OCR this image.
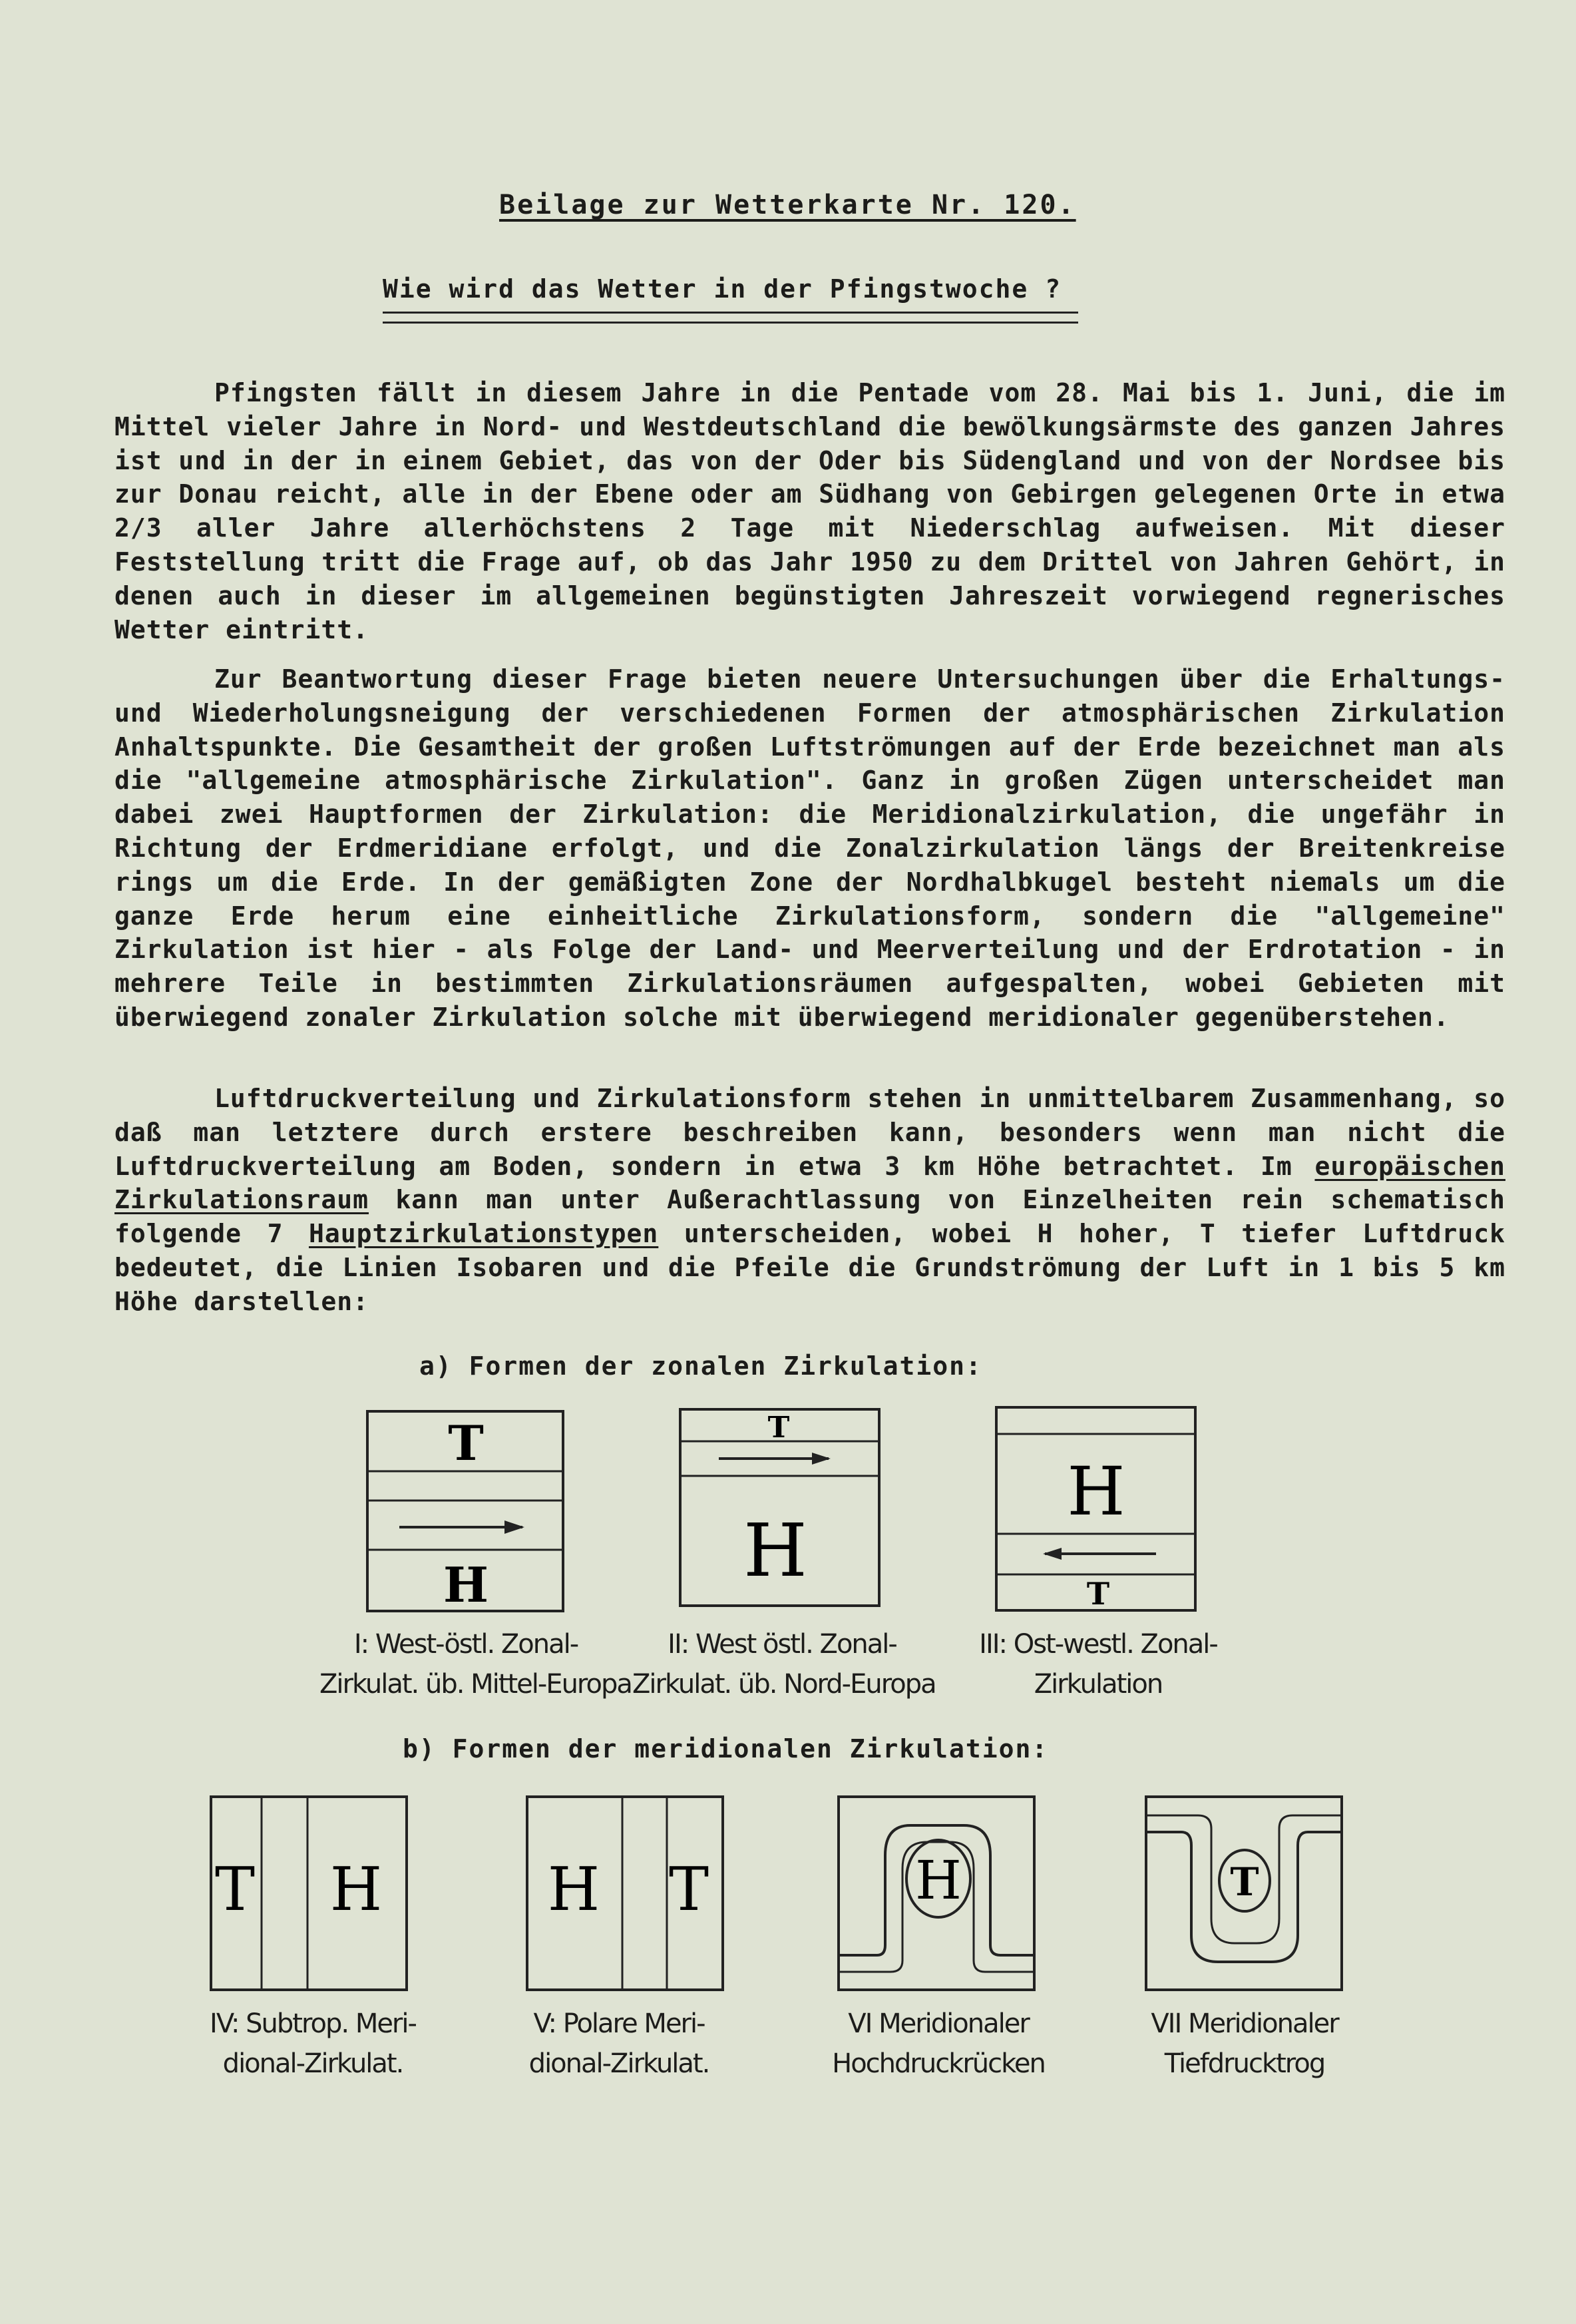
Beilage zur Wetterkarte Nr. 120.
Wie wird das Wetter in der Pfingstwoche ?

Pfingsten fällt in diesem Jahre in die Pentade vom 28. Mai bis 1. Juni, die im Mittel vieler Jahre in Nord- und Westdeutschland die bewölkungsärmste des ganzen Jahres ist und in der in einem Gebiet, das von der Oder bis Südengland und von der Nordsee bis zur Donau reicht, alle in der Ebene oder am Südhang von Gebirgen gelegenen Orte in etwa 2/3 aller Jahre allerhöchstens 2 Tage mit Niederschlag aufweisen. Mit dieser Feststellung tritt die Frage auf, ob das Jahr 1950 zu dem Drittel von Jahren Gehört, in denen auch in dieser im allgemeinen begünstigten Jahreszeit vorwiegend regnerisches Wetter eintritt.

Zur Beantwortung dieser Frage bieten neuere Untersuchungen über die Erhaltungs- und Wiederholungsneigung der verschiedenen Formen der atmosphärischen Zirkulation Anhaltspunkte. Die Gesamtheit der großen Luftströmungen auf der Erde bezeichnet man als die "allgemeine atmosphärische Zirkulation". Ganz in großen Zügen unterscheidet man dabei zwei Hauptformen der Zirkulation: die Meridionalzirkulation, die ungefähr in Richtung der Erdmeridiane erfolgt, und die Zonalzirkulation längs der Breitenkreise rings um die Erde. In der gemäßigten Zone der Nordhalbkugel besteht niemals um die ganze Erde herum eine einheitliche Zirkulationsform, sondern die "allgemeine" Zirkulation ist hier - als Folge der Land- und Meerverteilung und der Erdrotation - in mehrere Teile in bestimmten Zirkulationsräumen aufgespalten, wobei Gebieten mit überwiegend zonaler Zirkulation solche mit überwiegend meridionaler gegenüberstehen.

Luftdruckverteilung und Zirkulationsform stehen in unmittelbarem Zusammenhang, so daß man letztere durch erstere beschreiben kann, besonders wenn man nicht die Luftdruckverteilung am Boden, sondern in etwa 3 km Höhe betrachtet. Im europäischen Zirkulationsraum kann man unter Außerachtlassung von Einzelheiten rein schematisch folgende 7 Hauptzirkulationstypen unterscheiden, wobei H hoher, T tiefer Luftdruck bedeutet, die Linien Isobaren und die Pfeile die Grundströmung der Luft in 1 bis 5 km Höhe darstellen:

a) Formen der zonalen Zirkulation:
T
H
I: West-östl. Zonal-
Zirkulat. üb. Mittel-Europa
T
H
II: West östl. Zonal-
Zirkulat. üb. Nord-Europa
H
T
III: Ost-westl. Zonal-
Zirkulation
b) Formen der meridionalen Zirkulation:
T H
IV: Subtrop. Meri-
dional-Zirkulat.
H T
V: Polare Meri-
dional-Zirkulat.
H
VI Meridionaler
Hochdruckrücken
T
VII Meridionaler
Tiefdrucktrog
